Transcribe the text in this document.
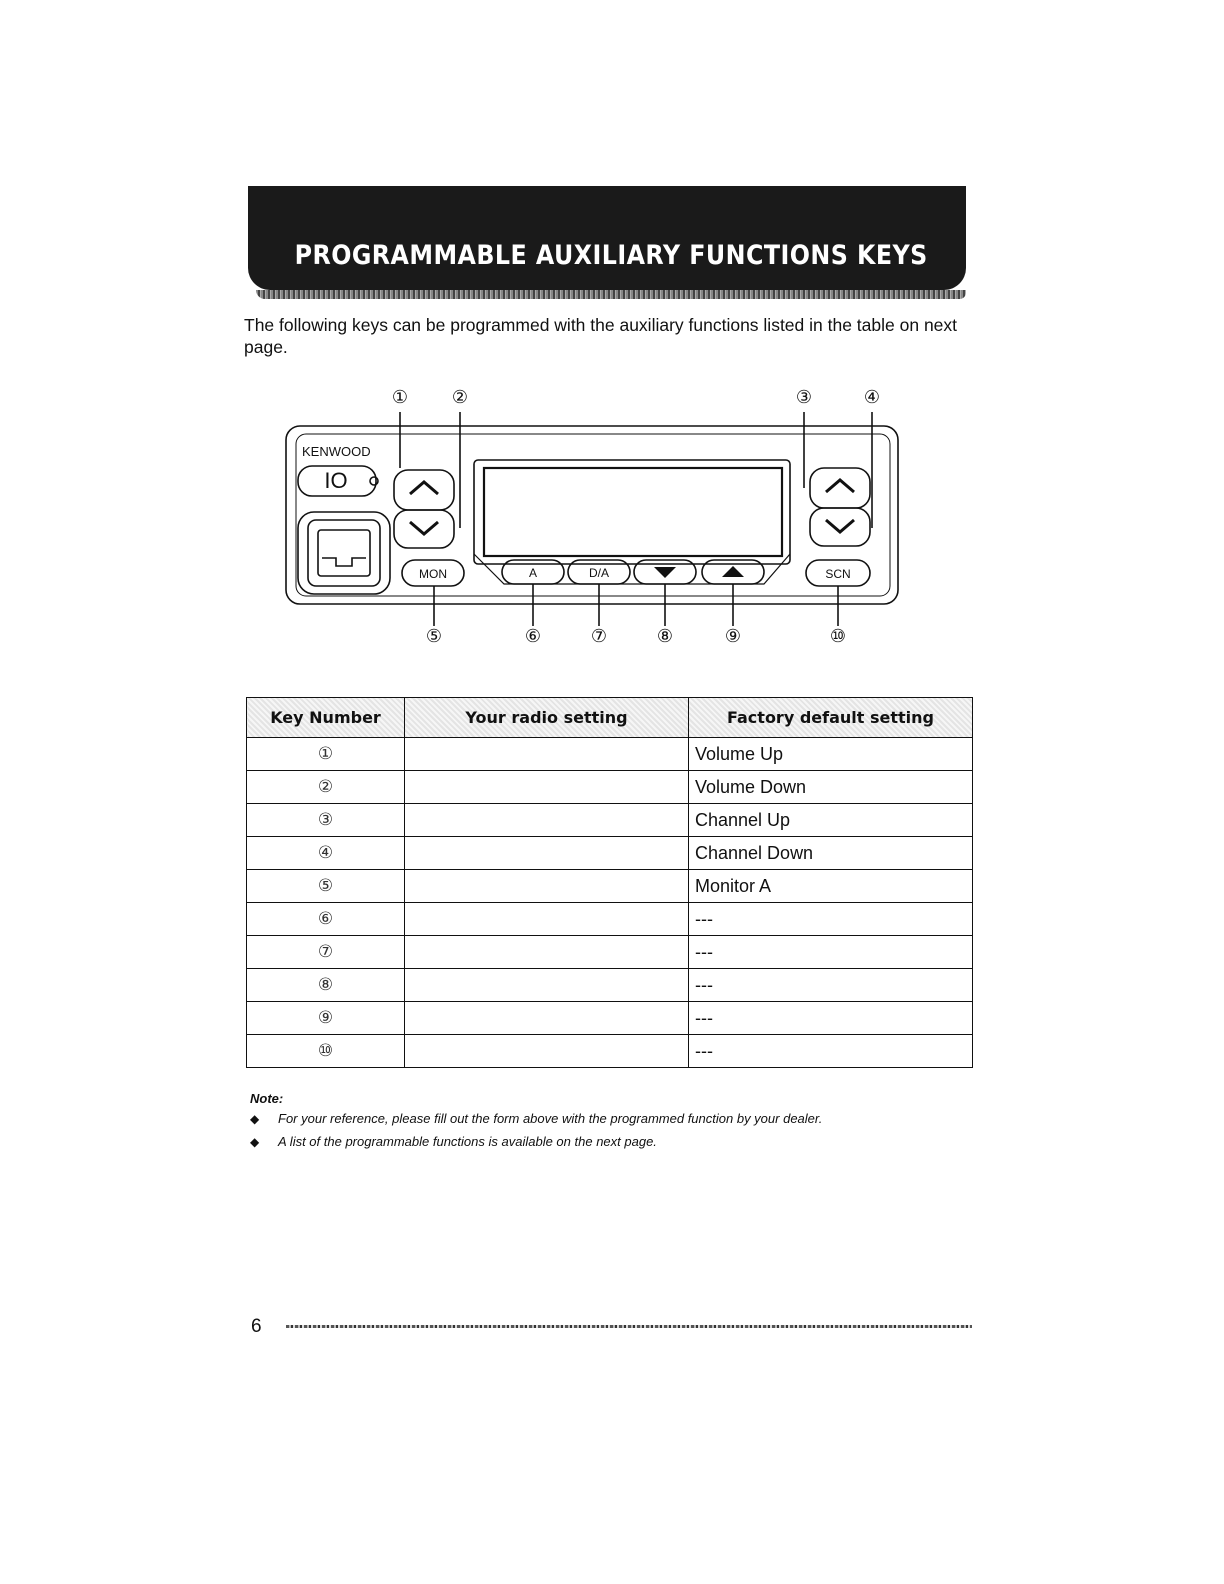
PROGRAMMABLE AUXILIARY FUNCTIONS KEYS

The following keys can be programmed with the auxiliary functions listed in the table on next page.

KENWOOD
IO
MON	A	D/A	SCN
① ②	③	④
⑤	⑥	⑦	⑧	⑨	⑩
Key Number	Your radio setting	Factory default setting
①		Volume Up
②		Volume Down
③		Channel Up
④		Channel Down
⑤		Monitor A
⑥		---
⑦		---
⑧		---
⑨		---
⑩		---
Note:
◆ For your reference, please fill out the form above with the programmed function by your dealer.
◆ A list of the programmable functions is available on the next page.
6
